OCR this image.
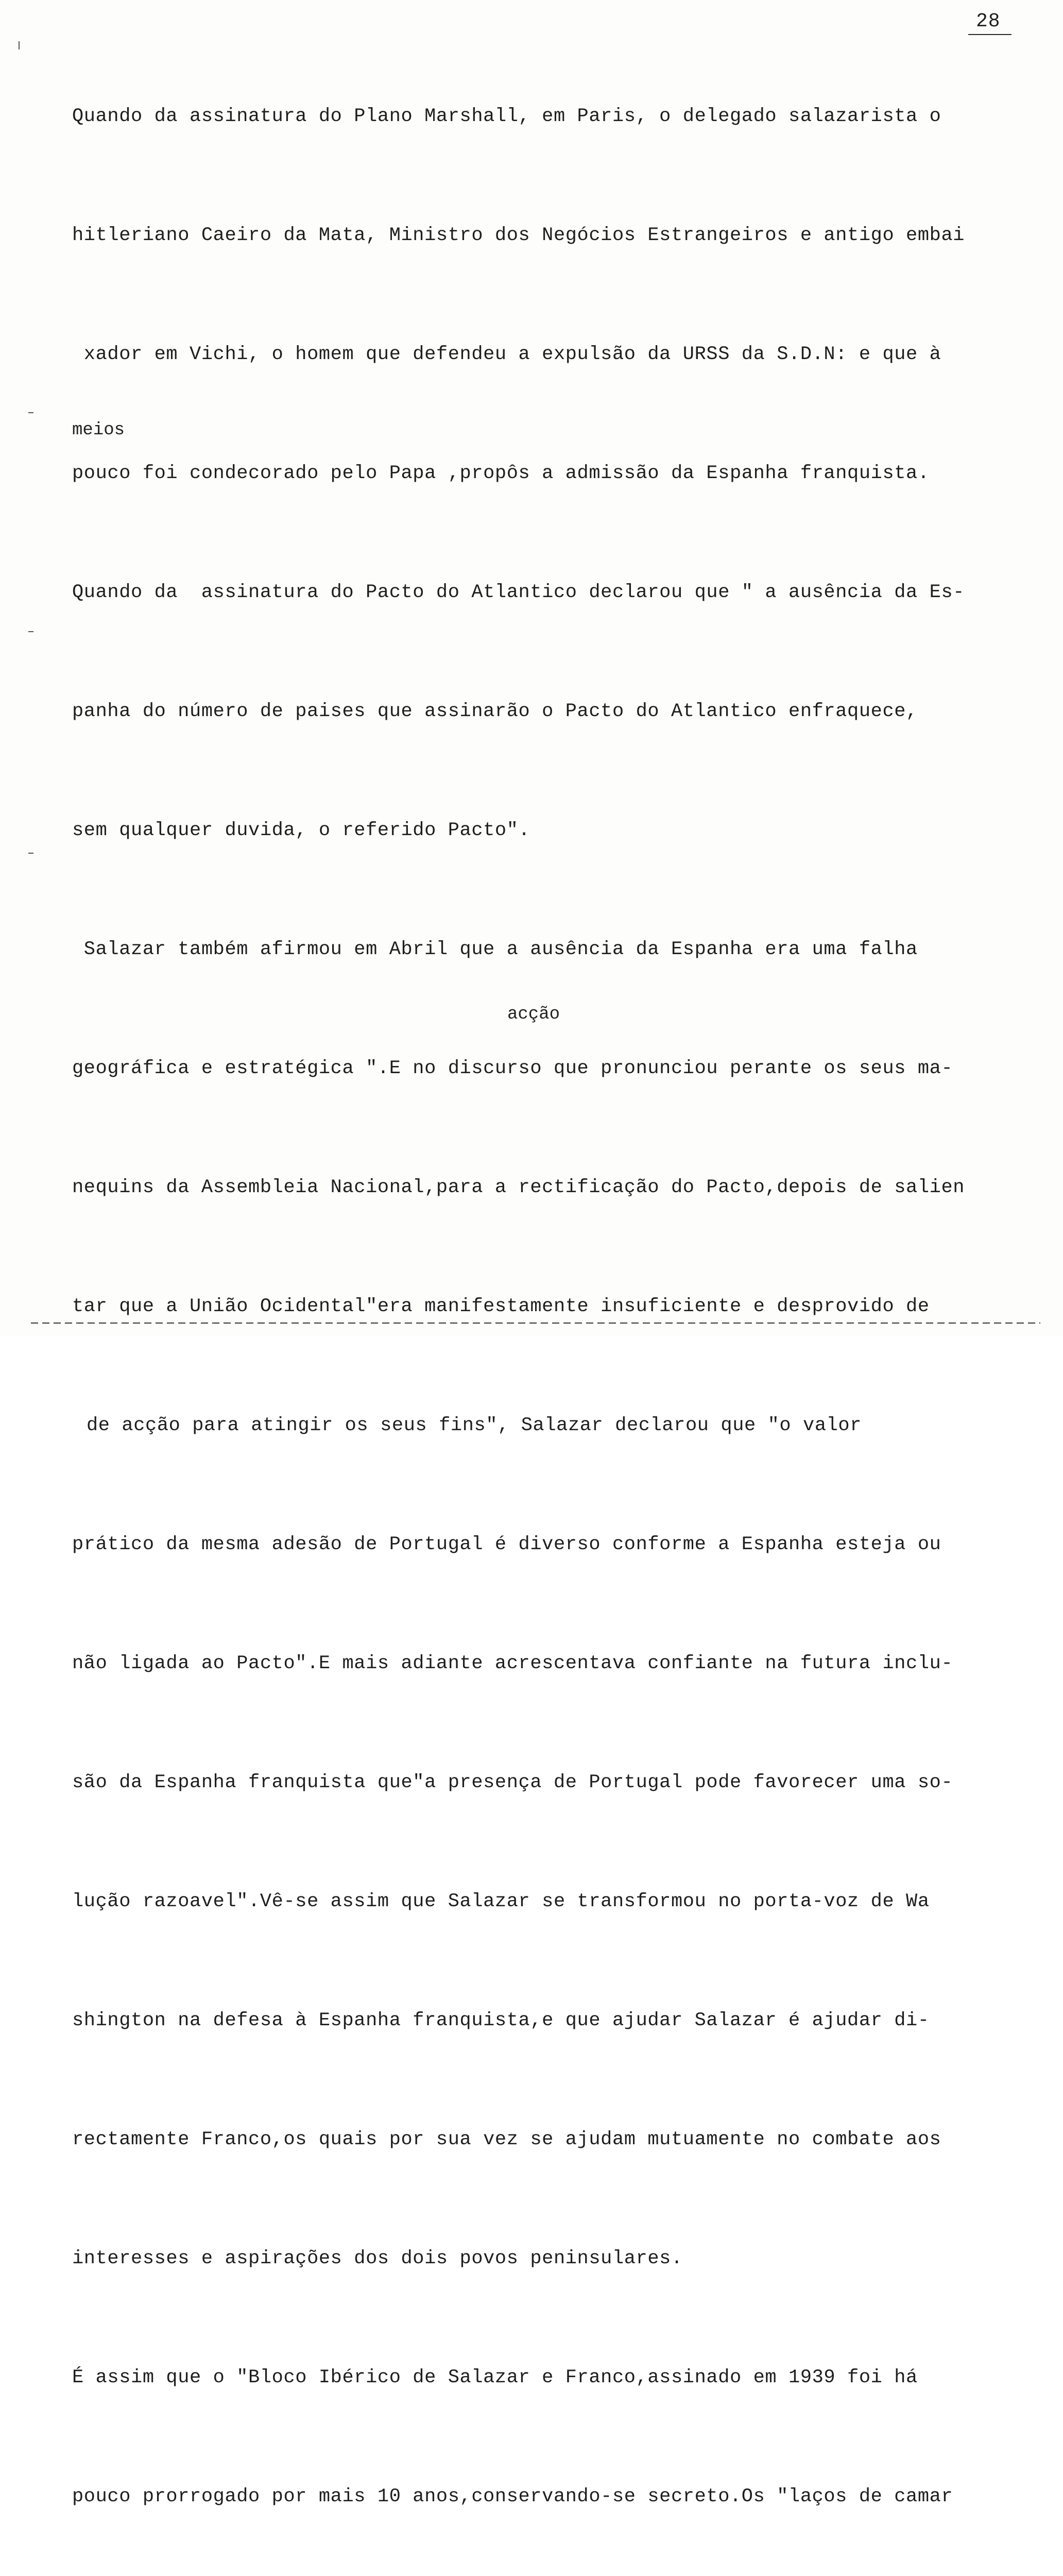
28

Quando da assinatura do Plano Marshall, em Paris, o delegado salazarista o

hitleriano Caeiro da Mata, Ministro dos Negócios Estrangeiros e antigo embai

xador em Vichi, o homem que defendeu a expulsão da URSS da S.D.N: e que à

pouco foi condecorado pelo Papa ,propôs a admissão da Espanha franquista.

Quando da  assinatura do Pacto do Atlantico declarou que " a ausência da Es-

panha do número de paises que assinarão o Pacto do Atlantico enfraquece,

sem qualquer duvida, o referido Pacto".

Salazar também afirmou em Abril que a ausência da Espanha era uma falha

geográfica e estratégica ".E no discurso que pronunciou perante os seus ma-

nequins da Assembleia Nacional,para a rectificação do Pacto,depois de salien

tar que a União Ocidental"era manifestamente insuficiente e desprovido de

de acção para atingir os seus fins", Salazar declarou que "o valor

prático da mesma adesão de Portugal é diverso conforme a Espanha esteja ou

não ligada ao Pacto".E mais adiante acrescentava confiante na futura inclu-

são da Espanha franquista que"a presença de Portugal pode favorecer uma so-

lução razoavel".Vê-se assim que Salazar se transformou no porta-voz de Wa

shington na defesa à Espanha franquista,e que ajudar Salazar é ajudar di-

rectamente Franco,os quais por sua vez se ajudam mutuamente no combate aos

interesses e aspirações dos dois povos peninsulares.

É assim que o "Bloco Ibérico de Salazar e Franco,assinado em 1939 foi há

pouco prorrogado por mais 10 anos,conservando-se secreto.Os "laços de camar

meios
acção
